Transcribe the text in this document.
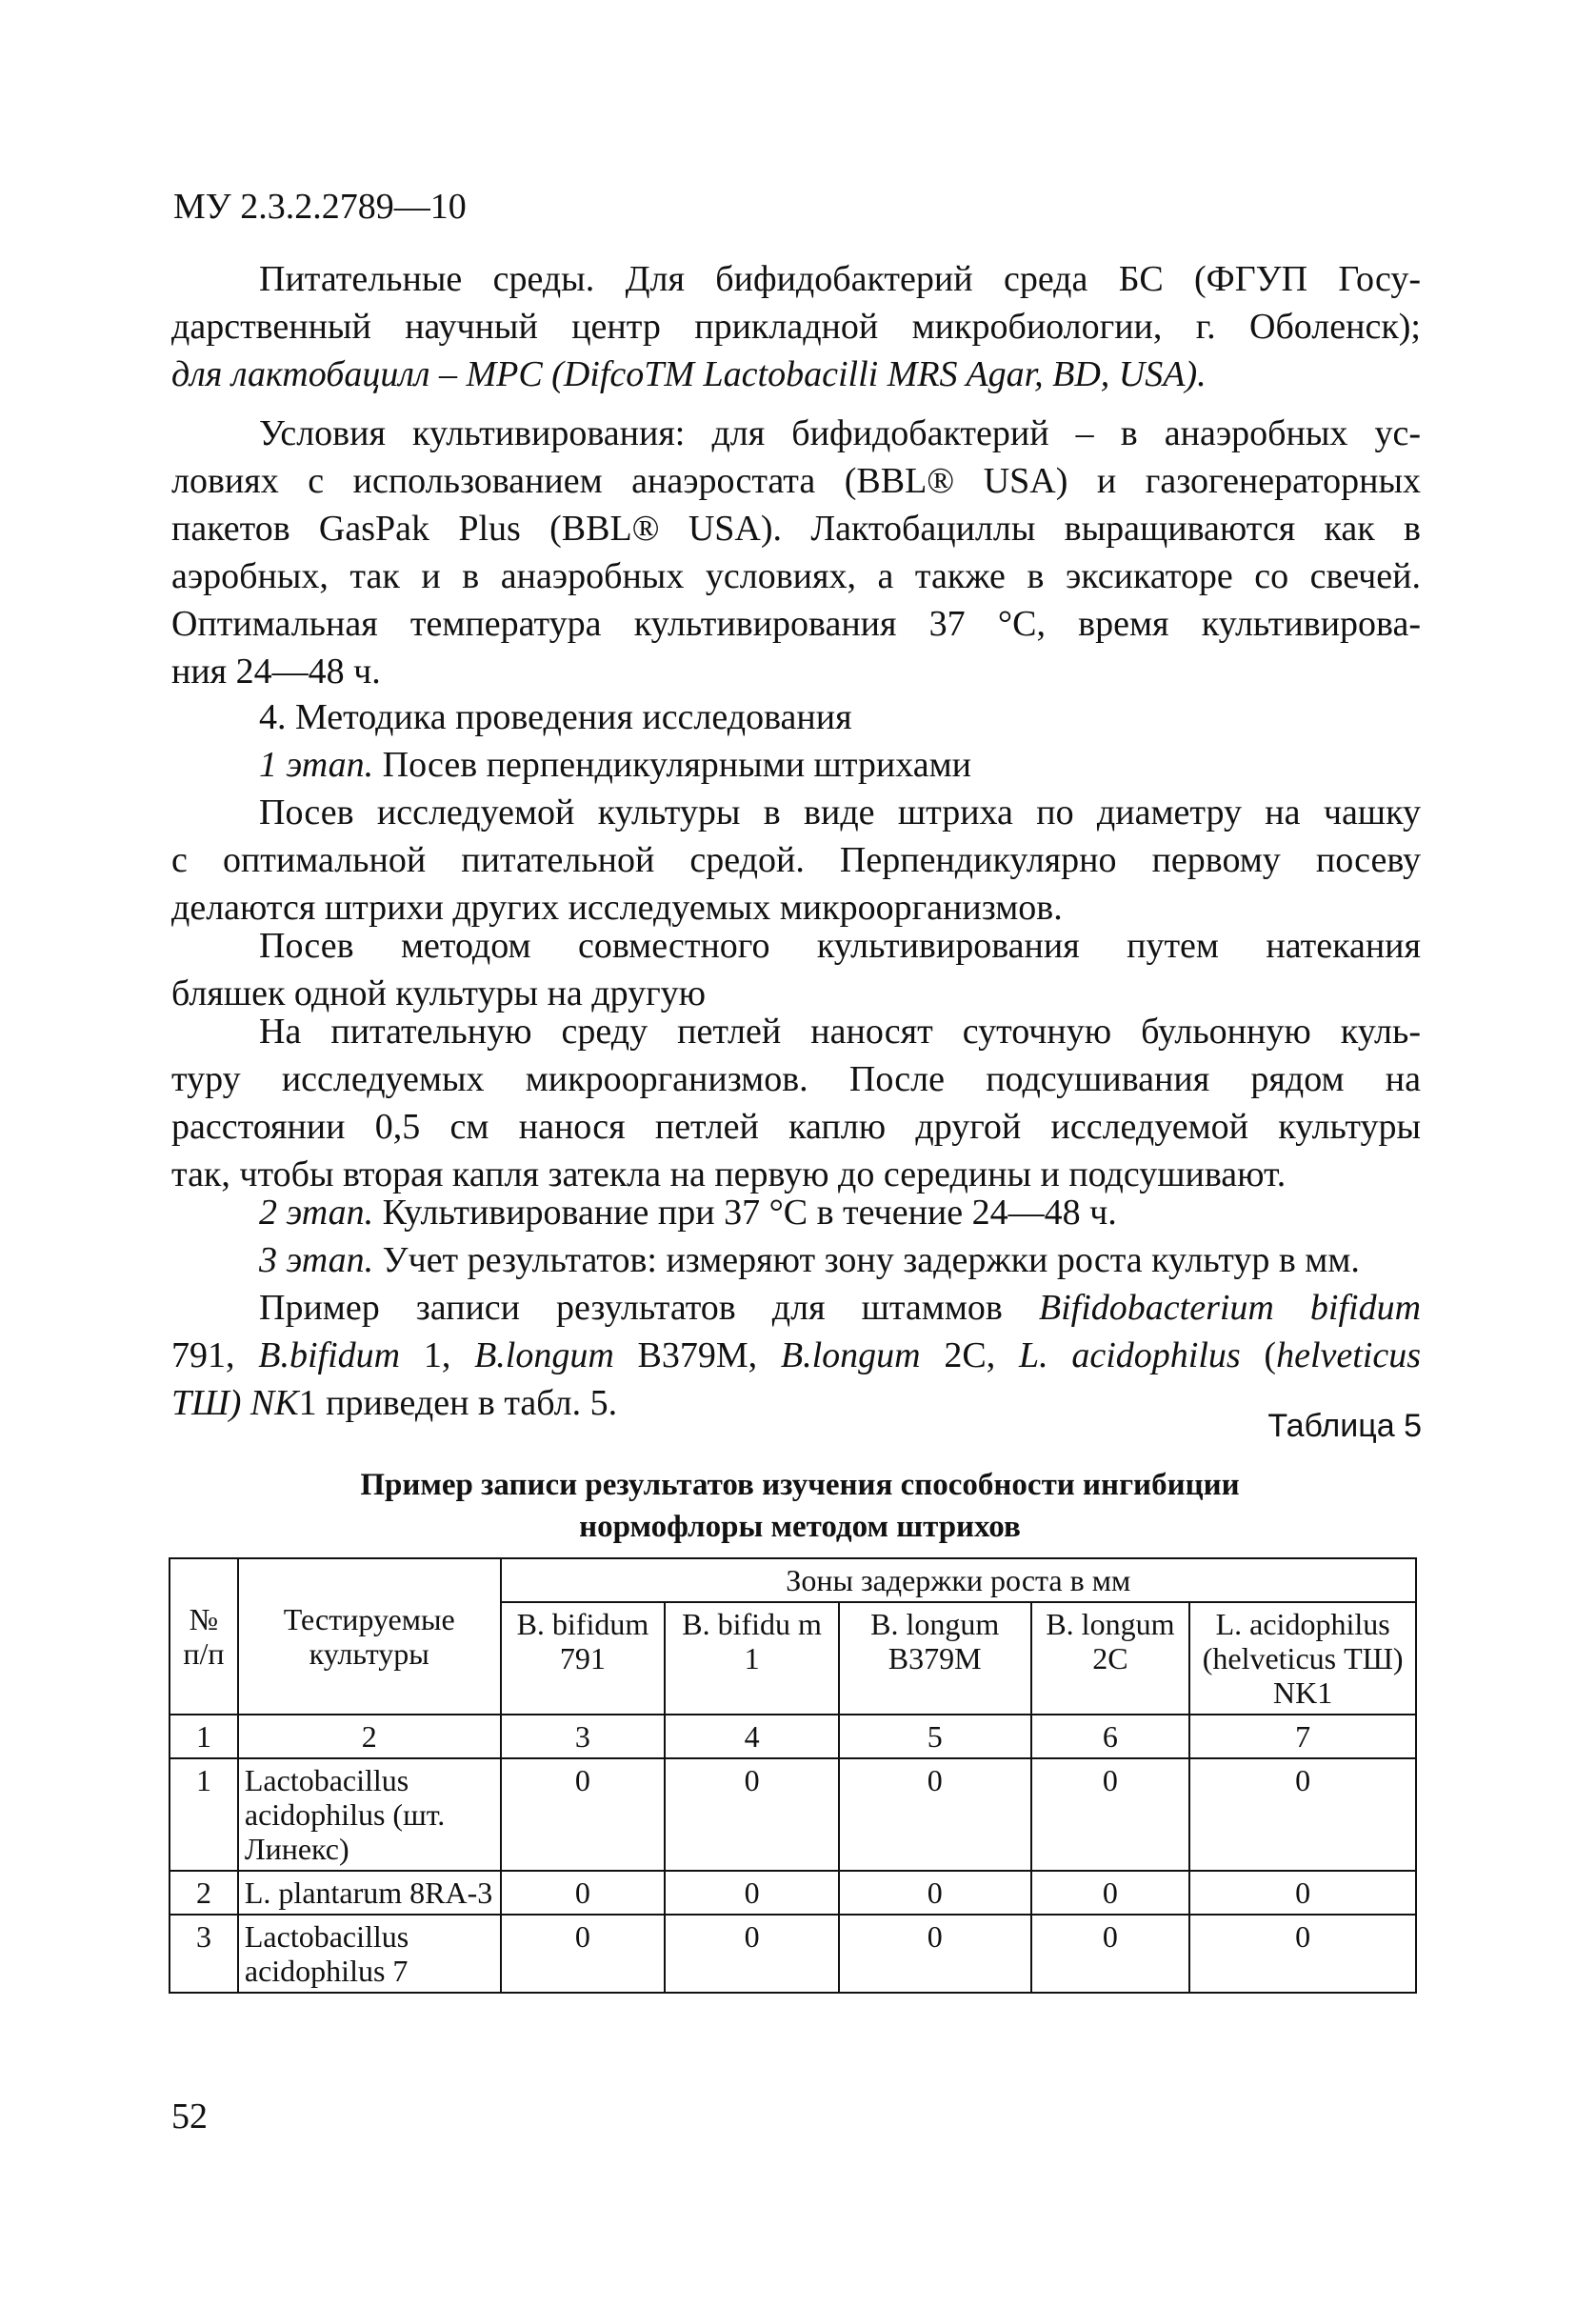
МУ 2.3.2.2789—10
Питательные среды. Для бифидобактерий среда БС (ФГУП Госу-
дарственный научный центр прикладной микробиологии, г. Оболенск);
для лактобацилл – МРС (DifcoTM Lactobacilli MRS Agar, BD, USA).
Условия культивирования: для бифидобактерий – в анаэробных ус-
ловиях с использованием анаэростата (BBL® USA) и газогенераторных
пакетов GasPak Plus (BBL® USA). Лактобациллы выращиваются как в
аэробных, так и в анаэробных условиях, а также в эксикаторе со свечей.
Оптимальная температура культивирования 37 °С, время культивирова-
ния 24—48 ч.
4. Методика проведения исследования
1 этап. Посев перпендикулярными штрихами
Посев исследуемой культуры в виде штриха по диаметру на чашку
с оптимальной питательной средой. Перпендикулярно первому посеву
делаются штрихи других исследуемых микроорганизмов.
Посев методом совместного культивирования путем натекания
бляшек одной культуры на другую
На питательную среду петлей наносят суточную бульонную куль-
туру исследуемых микроорганизмов. После подсушивания рядом на
расстоянии 0,5 см нанося петлей каплю другой исследуемой культуры
так, чтобы вторая капля затекла на первую до середины и подсушивают.
2 этап. Культивирование при 37 °С в течение 24—48 ч.
3 этап. Учет результатов: измеряют зону задержки роста культур в мм.
Пример записи результатов для штаммов Bifidobacterium bifidum
791, B.bifidum 1, B.longum B379M, B.longum 2C, L. acidophilus (helveticus
ТШ) NK1 приведен в табл. 5.
Таблица 5
Пример записи результатов изучения способности ингибиции
нормофлоры методом штрихов
№ п/п	Тестируемые культуры	Зоны задержки роста в мм				
		B. bifidum 791	B. bifidu m 1	B. longum B379M	B. longum 2C	L. acidophilus (helveticus ТШ) NK1
1	2	3	4	5	6	7
1	Lactobacillus acidophilus (шт. Линекс)	0	0	0	0	0
2	L. plantarum 8RA-3	0	0	0	0	0
3	Lactobacillus acidophilus 7	0	0	0	0	0
52
